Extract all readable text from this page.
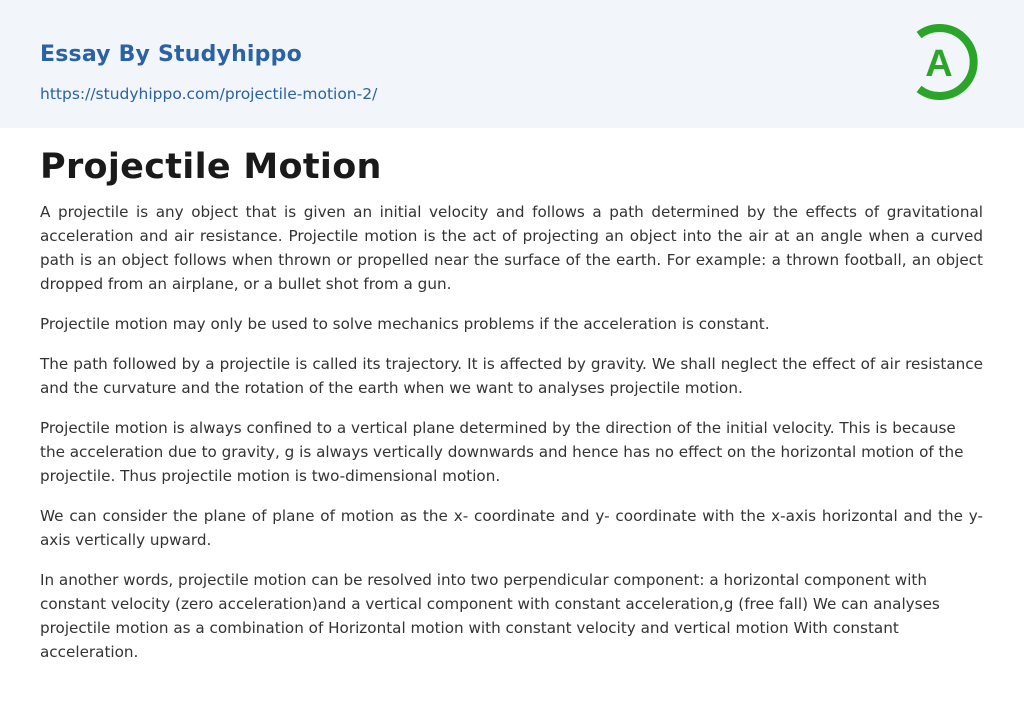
Essay By Studyhippo
https://studyhippo.com/projectile-motion-2/
A
Projectile Motion

A projectile is any object that is given an initial velocity and follows a path determined by the effects of gravitational acceleration and air resistance. Projectile motion is the act of projecting an object into the air at an angle when a curved path is an object follows when thrown or propelled near the surface of the earth. For example: a thrown football, an object dropped from an airplane, or a bullet shot from a gun.

Projectile motion may only be used to solve mechanics problems if the acceleration is constant.

The path followed by a projectile is called its trajectory. It is affected by gravity. We shall neglect the effect of air resistance and the curvature and the rotation of the earth when we want to analyses projectile motion.

Projectile motion is always confined to a vertical plane determined by the direction of the initial velocity. This is because the acceleration due to gravity, g is always vertically downwards and hence has no effect on the horizontal motion of the projectile. Thus projectile motion is two-dimensional motion.

We can consider the plane of plane of motion as the x- coordinate and y- coordinate with the x-axis horizontal and the y-axis vertically upward.

In another words, projectile motion can be resolved into two perpendicular component: a horizontal component with constant velocity (zero acceleration)and a vertical component with constant acceleration,g (free fall) We can analyses projectile motion as a combination of Horizontal motion with constant velocity and vertical motion With constant acceleration.
